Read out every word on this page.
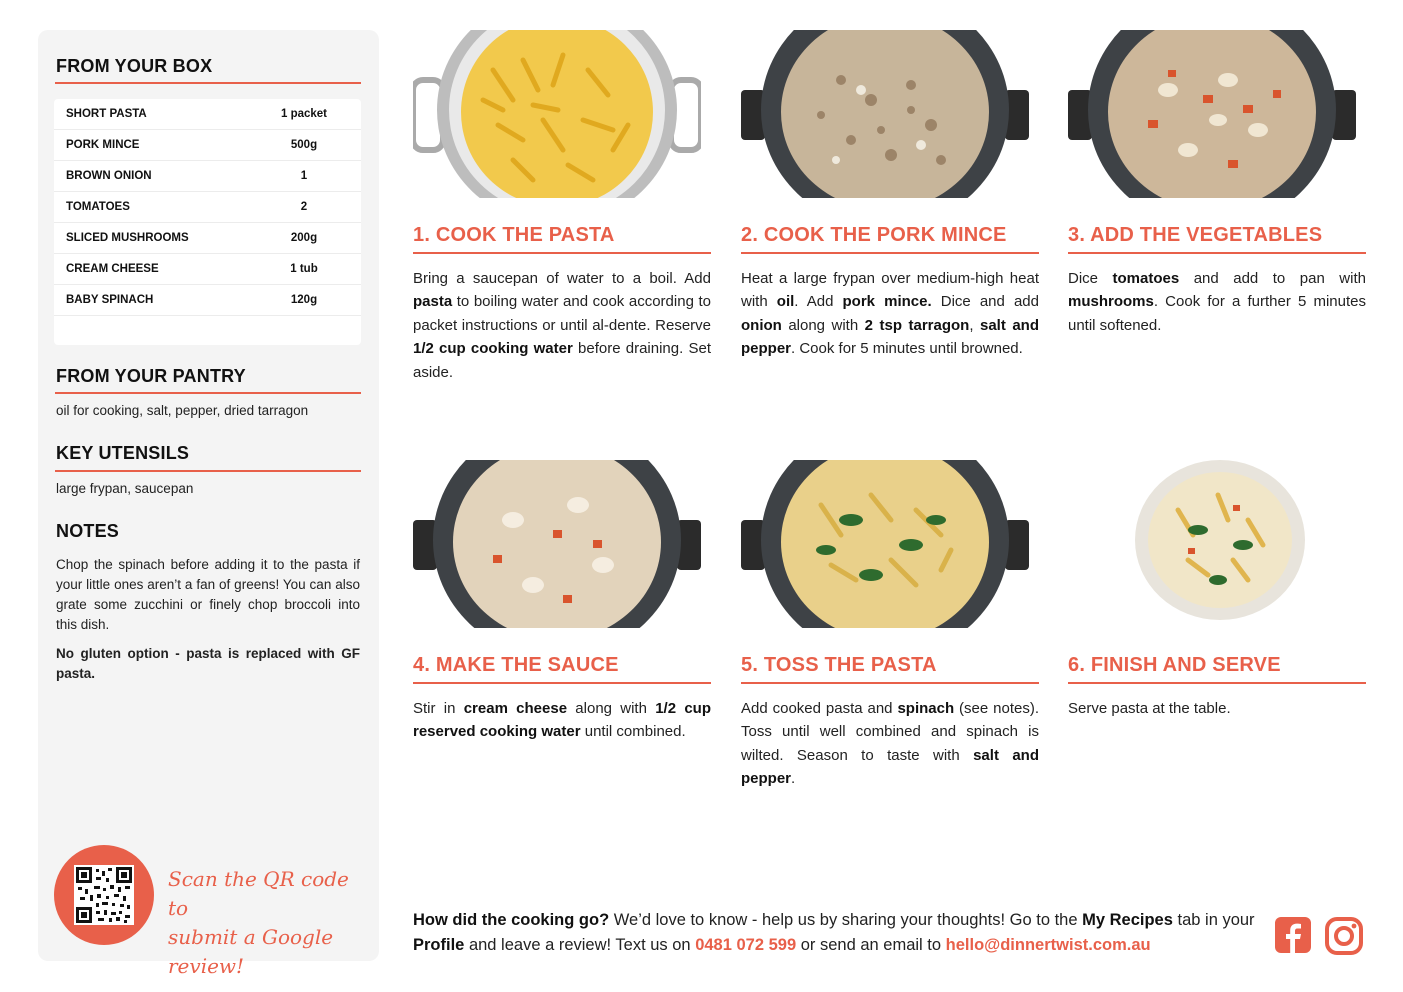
FROM YOUR BOX
SHORT PASTA	1 packet
PORK MINCE	500g
BROWN ONION	1
TOMATOES	2
SLICED MUSHROOMS	200g
CREAM CHEESE	1 tub
BABY SPINACH	120g
FROM YOUR PANTRY
oil for cooking, salt, pepper, dried tarragon
KEY UTENSILS
large frypan, saucepan
NOTES
Chop the spinach before adding it to the pasta if your little ones aren’t a fan of greens! You can also grate some zucchini or finely chop broccoli into this dish.
No gluten option - pasta is replaced with GF pasta.
Scan the QR code to
submit a Google review!
1. COOK THE PASTA	2. COOK THE PORK MINCE	3. ADD THE VEGETABLES
4. MAKE THE SAUCE	5. TOSS THE PASTA	6. FINISH AND SERVE
Bring a saucepan of water to a boil. Add pasta to boiling water and cook according to packet instructions or until al-dente. Reserve 1/2 cup cooking water before draining. Set aside.
Heat a large frypan over medium-high heat with oil. Add pork mince. Dice and add onion along with 2 tsp tarragon, salt and pepper. Cook for 5 minutes until browned.
Dice tomatoes and add to pan with mushrooms. Cook for a further 5 minutes until softened.
Stir in cream cheese along with 1/2 cup reserved cooking water until combined.
Add cooked pasta and spinach (see notes). Toss until well combined and spinach is wilted. Season to taste with salt and pepper.
Serve pasta at the table.
How did the cooking go? We’d love to know - help us by sharing your thoughts! Go to the My Recipes tab in your Profile and leave a review! Text us on 0481 072 599 or send an email to hello@dinnertwist.com.au
